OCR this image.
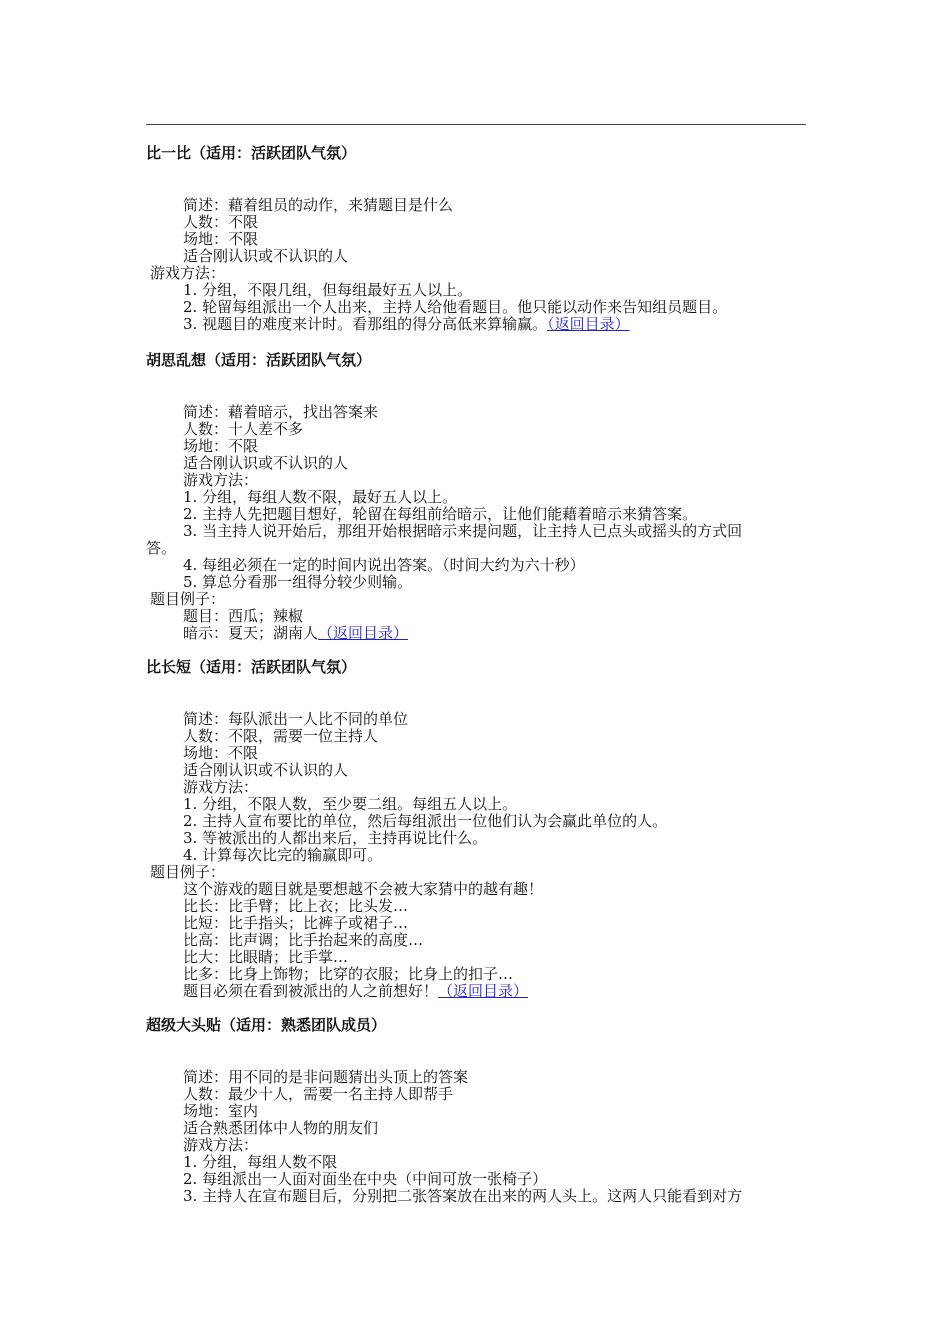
比一比（适用：活跃团队气氛）
简述：藉着组员的动作，来猜题目是什么
人数：不限
场地：不限
适合刚认识或不认识的人
游戏方法：
1. 分组，不限几组，但每组最好五人以上。
2. 轮留每组派出一个人出来，主持人给他看题目。他只能以动作来告知组员题目。
3. 视题目的难度来计时。看那组的得分高低来算输赢。（返回目录）
胡思乱想（适用：活跃团队气氛）
简述：藉着暗示，找出答案来
人数：十人差不多
场地：不限
适合刚认识或不认识的人
游戏方法：
1. 分组，每组人数不限，最好五人以上。
2. 主持人先把题目想好，轮留在每组前给暗示，让他们能藉着暗示来猜答案。
3. 当主持人说开始后，那组开始根据暗示来提问题，让主持人已点头或摇头的方式回
答。
4. 每组必须在一定的时间内说出答案。（时间大约为六十秒）
5. 算总分看那一组得分较少则输。
题目例子：
题目：西瓜；辣椒
暗示：夏天；湖南人（返回目录）
比长短（适用：活跃团队气氛）
简述：每队派出一人比不同的单位
人数：不限，需要一位主持人
场地：不限
适合刚认识或不认识的人
游戏方法：
1. 分组，不限人数，至少要二组。每组五人以上。
2. 主持人宣布要比的单位，然后每组派出一位他们认为会赢此单位的人。
3. 等被派出的人都出来后，主持再说比什么。
4. 计算每次比完的输赢即可。
题目例子：
这个游戏的题目就是要想越不会被大家猜中的越有趣！
比长：比手臂；比上衣；比头发…
比短：比手指头；比裤子或裙子…
比高：比声调；比手抬起来的高度…
比大：比眼睛；比手掌…
比多：比身上饰物；比穿的衣服；比身上的扣子…
题目必须在看到被派出的人之前想好！（返回目录）
超级大头贴（适用：熟悉团队成员）
简述：用不同的是非问题猜出头顶上的答案
人数：最少十人，需要一名主持人即帮手
场地：室内
适合熟悉团体中人物的朋友们
游戏方法：
1. 分组，每组人数不限
2. 每组派出一人面对面坐在中央（中间可放一张椅子）
3. 主持人在宣布题目后，分别把二张答案放在出来的两人头上。这两人只能看到对方
